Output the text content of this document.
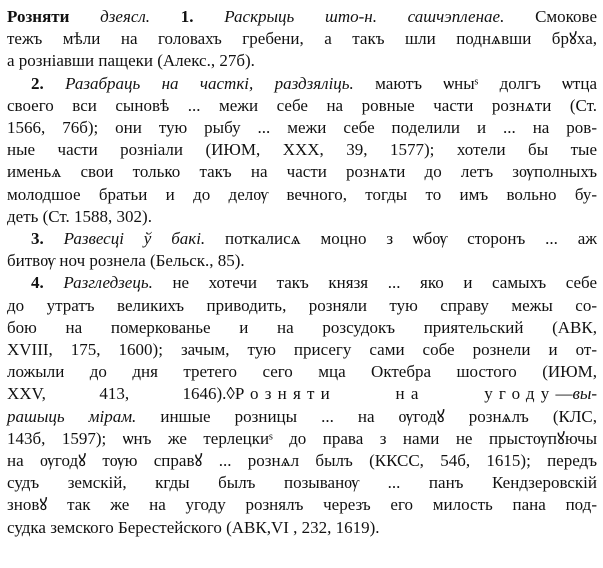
Розняти дзеясл. 1. Раскрыць што-н. сашчэпленае. Смокове
тежъ мѣли на головахъ гребени, а такъ шли поднѧвши брꙋха,
а розніавши пащеки (Алекс., 27б).

2. Разабраць на часткі, раздзяліць. маютъ ѡныˢ долгъ ѡтца
своего вси сыновѣ ... межи себе на ровные части рознѧти (Ст.
1566, 76б); они тую рыбу ... межи себе поделили и ... на ров-
ные части розніали (ИЮМ, XXX, 39, 1577); хотели бы тые
именьѧ свои только такъ на части рознѧти до летъ зѹполныхъ
молодшое братьи и до делѹ вечного, тогды то имъ вольно бу-
деть (Ст. 1588, 302).

3. Развесці ў бакі. поткалисѧ моцно з ѡбѹ сторонъ ... аж
битвѹ ноч рознела (Бельск., 85).

4. Разгледзець. не хотечи такъ князя ... яко и самыхъ себе
до утратъ великихъ приводить, розняли тую справу межы со-
бою на померкованье и на розсудокъ приятельский (АВК,
XVIII, 175, 1600); зачым, тую присегу сами собе рознели и от-
ложыли до дня третего сего мца Октебра шостого (ИЮМ,
XXV, 413, 1646).◊Розняти на угоду—вы-
рашыць мірам. иншые розницы ... на ѹгодꙋ рознѧлъ (КЛС,
143б, 1597); ѡнъ же терлецкиˢ до права з нами не прыстѹпꙋючы
на ѹгодꙋ тѹю справꙋ ... рознѧл былъ (ККСС, 54б, 1615); передъ
судъ земскій, кгды былъ позыванѹ ... панъ Кендзеровскій
зновꙋ так же на угоду рознялъ черезъ его милость пана под-
судка земского Берестейского (АВК,VI , 232, 1619).
